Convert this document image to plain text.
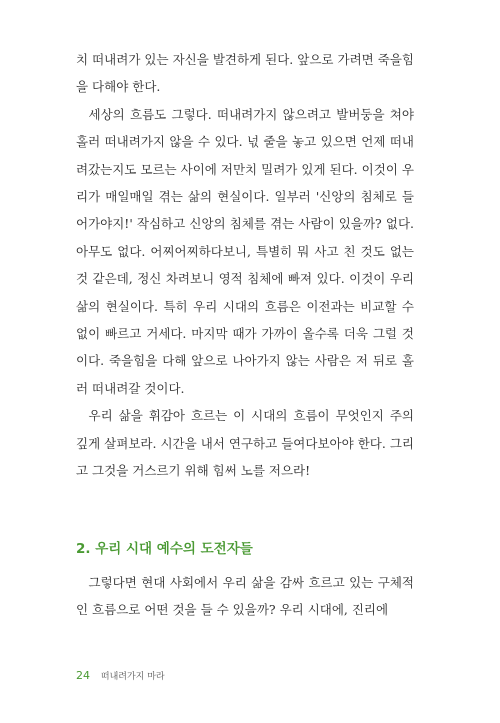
치 떠내려가 있는 자신을 발견하게 된다. 앞으로 가려면 죽을힘을 다해야 한다.

세상의 흐름도 그렇다. 떠내려가지 않으려고 발버둥을 쳐야 홀러 떠내려가지 않을 수 있다. 넋 줄을 놓고 있으면 언제 떠내려갔는지도 모르는 사이에 저만치 밀려가 있게 된다. 이것이 우리가 매일매일 겪는 삶의 현실이다. 일부러 '신앙의 침체로 들어가야지!' 작심하고 신앙의 침체를 겪는 사람이 있을까? 없다. 아무도 없다. 어찌어찌하다보니, 특별히 뭐 사고 친 것도 없는 것 같은데, 정신 차려보니 영적 침체에 빠져 있다. 이것이 우리 삶의 현실이다. 특히 우리 시대의 흐름은 이전과는 비교할 수 없이 빠르고 거세다. 마지막 때가 가까이 올수록 더욱 그럴 것이다. 죽을힘을 다해 앞으로 나아가지 않는 사람은 저 뒤로 홀러 떠내려갈 것이다.

우리 삶을 휘감아 흐르는 이 시대의 흐름이 무엇인지 주의 깊게 살펴보라. 시간을 내서 연구하고 들여다보아야 한다. 그리고 그것을 거스르기 위해 힘써 노를 저으라!

2. 우리 시대 예수의 도전자들

그렇다면 현대 사회에서 우리 삶을 감싸 흐르고 있는 구체적인 흐름으로 어떤 것을 들 수 있을까? 우리 시대에, 진리에

24 떠내려가지 마라
